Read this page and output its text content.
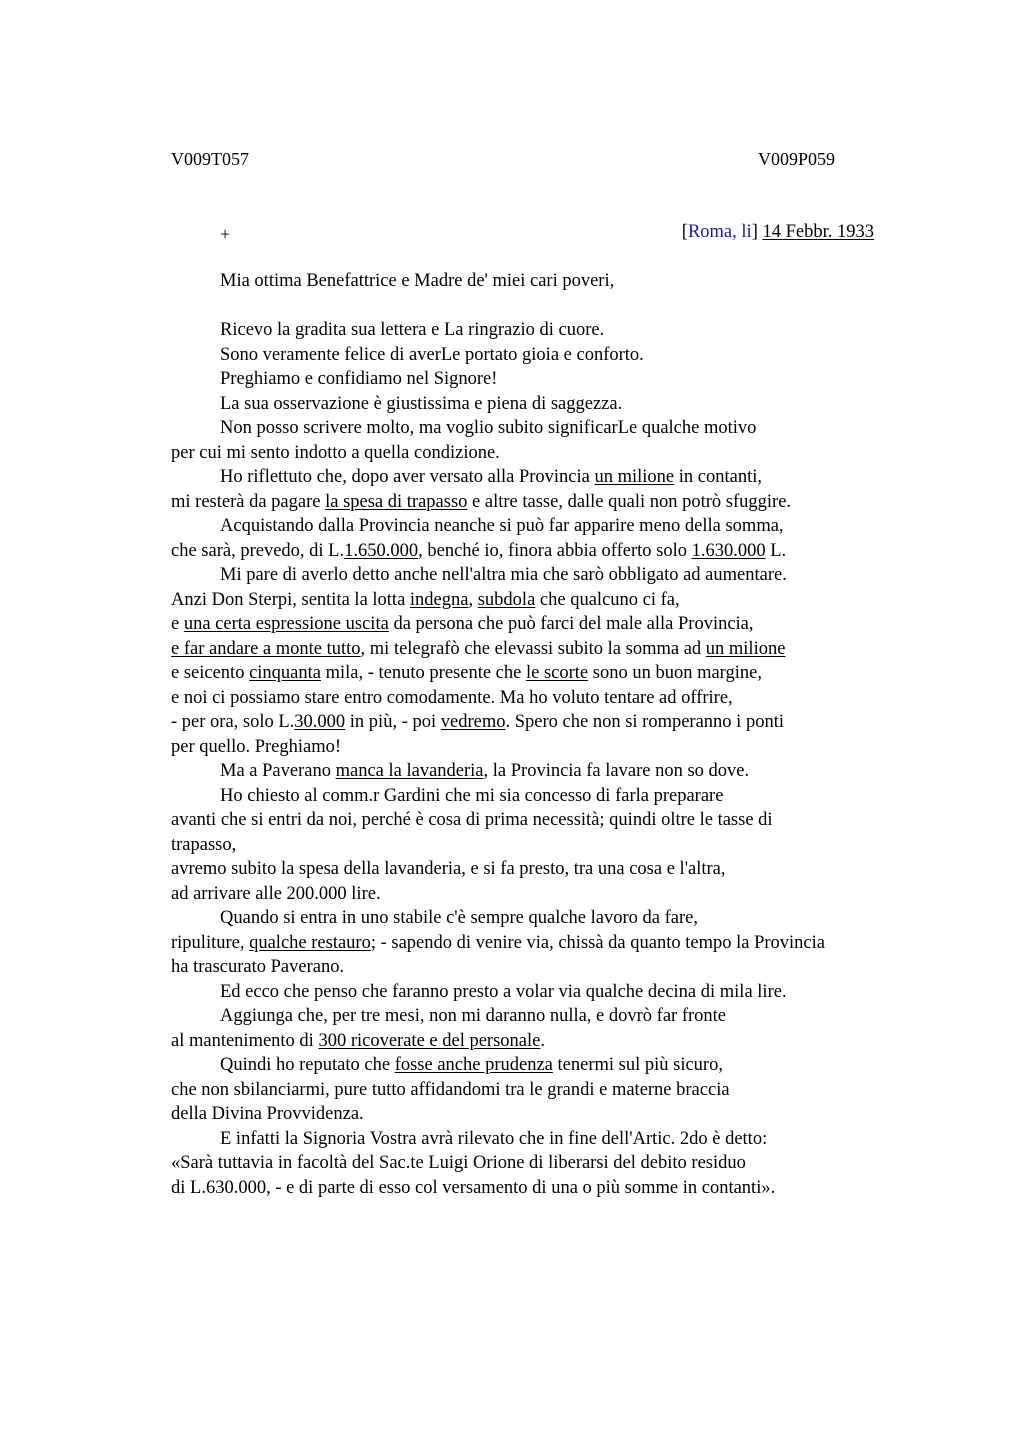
V009T057	V009P059
+	[Roma, li] 14 Febbr. 1933
Mia ottima Benefattrice e Madre de' miei cari poveri,
Ricevo la gradita sua lettera e La ringrazio di cuore.
Sono veramente felice di averLe portato gioia e conforto.
Preghiamo e confidiamo nel Signore!
La sua osservazione è giustissima e piena di saggezza.
Non posso scrivere molto, ma voglio subito significarLe qualche motivo
per cui mi sento indotto a quella condizione.
Ho riflettuto che, dopo aver versato alla Provincia un milione in contanti,
mi resterà da pagare la spesa di trapasso e altre tasse, dalle quali non potrò sfuggire.
Acquistando dalla Provincia neanche si può far apparire meno della somma,
che sarà, prevedo, di L.1.650.000, benché io, finora abbia offerto solo 1.630.000 L.
Mi pare di averlo detto anche nell'altra mia che sarò obbligato ad aumentare.
Anzi Don Sterpi, sentita la lotta indegna, subdola che qualcuno ci fa,
e una certa espressione uscita da persona che può farci del male alla Provincia,
e far andare a monte tutto, mi telegrafò che elevassi subito la somma ad un milione
e seicento cinquanta mila, - tenuto presente che le scorte sono un buon margine,
e noi ci possiamo stare entro comodamente. Ma ho voluto tentare ad offrire,
- per ora, solo L.30.000 in più, - poi vedremo. Spero che non si romperanno i ponti
per quello. Preghiamo!
Ma a Paverano manca la lavanderia, la Provincia fa lavare non so dove.
Ho chiesto al comm.r Gardini che mi sia concesso di farla preparare
avanti che si entri da noi, perché è cosa di prima necessità; quindi oltre le tasse di
trapasso,
avremo subito la spesa della lavanderia, e si fa presto, tra una cosa e l'altra,
ad arrivare alle 200.000 lire.
Quando si entra in uno stabile c'è sempre qualche lavoro da fare,
ripuliture, qualche restauro; - sapendo di venire via, chissà da quanto tempo la Provincia
ha trascurato Paverano.
Ed ecco che penso che faranno presto a volar via qualche decina di mila lire.
Aggiunga che, per tre mesi, non mi daranno nulla, e dovrò far fronte
al mantenimento di 300 ricoverate e del personale.
Quindi ho reputato che fosse anche prudenza tenermi sul più sicuro,
che non sbilanciarmi, pure tutto affidandomi tra le grandi e materne braccia
della Divina Provvidenza.
E infatti la Signoria Vostra avrà rilevato che in fine dell'Artic. 2do è detto:
«Sarà tuttavia in facoltà del Sac.te Luigi Orione di liberarsi del debito residuo
di L.630.000, - e di parte di esso col versamento di una o più somme in contanti».
